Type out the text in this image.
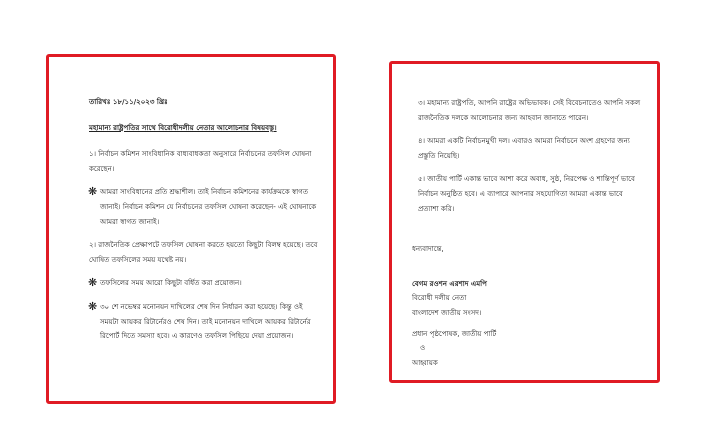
তারিখঃ ১৮/১১/২০২৩ খ্রিঃ
মহামান্য রাষ্ট্রপতির সাথে বিরোধীদলীয় নেতার আলোচনার বিষয়বস্তু।
১। নির্বাচন কমিশন সাংবিধানিক বাধ্যবাধকতা অনুসারে নির্বাচনের তফসিল ঘোষনা করেছেন।
❋ আমরা সাংবিধানের প্রতি শ্রদ্ধাশীল। তাই নির্বাচন কমিশনের কার্যক্রমকে স্বাগত জানাই। নির্বাচন কমিশন যে নির্বাচনের তফসিল ঘোষনা করেছেন- এই ঘোষনাকে আমরা স্বাগত জানাই।
২। রাজনৈতিক প্রেক্ষাপটে তফসিল ঘোষনা করতে হয়তো কিছুটা বিলম্ব হয়েছে। তবে ঘোষিত তফসিলের সময় যথেষ্ট নয়।
❋ তফসিলের সময় আরো কিছুটা বর্ধিত করা প্রয়োজন।
❋ ৩০ শে নভেম্বর মনোনয়ন দাখিলের শেষ দিন নির্ধারন করা হয়েছে। কিন্তু ওই সময়টা আয়কর রিটার্নেরও শেষ দিন। তাই মনোনয়ন দাখিলে আয়কর রিটার্নের রিপোর্ট দিতে সমস্যা হবে। এ কারণেও তফসিল পিছিয়ে দেয়া প্রয়োজন।
৩। মহামান্য রাষ্ট্রপতি, আপনি রাষ্ট্রের অভিভাবক। সেই বিবেচনাতেও আপনি সকল রাজনৈতিক দলকে আলোচনার জন্য আহবান জানাতে পারেন।
৪। আমরা একটি নির্বাচনমুখী দল। এবারও আমরা নির্বাচনে অংশ গ্রহণের জন্য প্রস্তুতি নিয়েছি।
৫। জাতীয় পার্টি একান্ত ভাবে আশা করে অবাধ, সুষ্ঠ, নিরপেক্ষ ও শান্তিপূর্ণ ভাবে নির্বাচন অনুষ্ঠিত হবে। এ ব্যাপারে আপনার সহযোগিতা আমরা একান্ত ভাবে প্রত্যাশা করি।
ধন্যবাদান্তে,
বেগম রওশন এরশাদ এমপি
বিরোধী দলীয় নেতা
বাংলাদেশ জাতীয় সংসদ।
প্রধান পৃষ্ঠপোষক, জাতীয় পার্টি
ও
আহ্বায়ক
